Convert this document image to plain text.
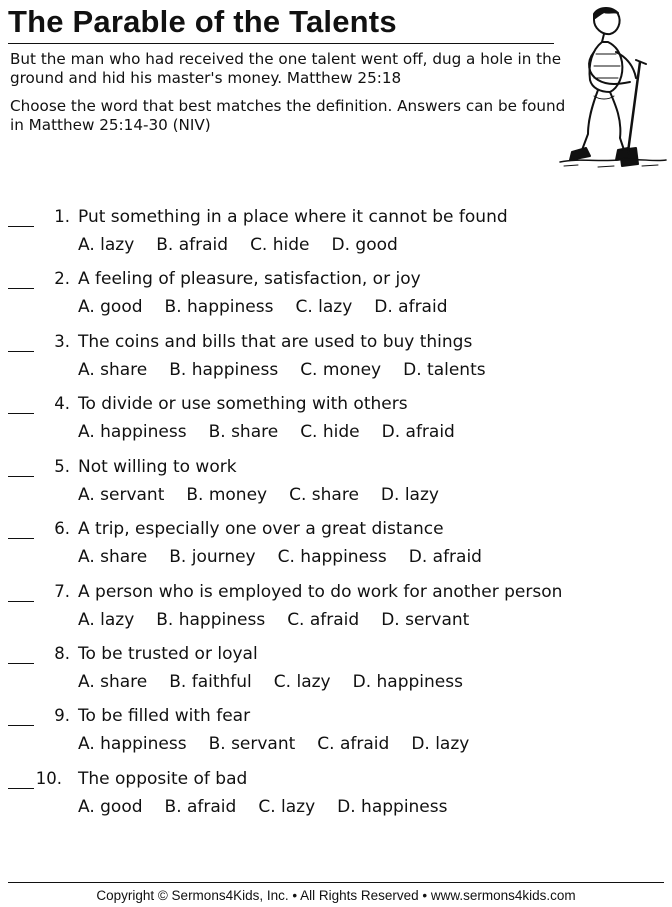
The Parable of the Talents

But the man who had received the one talent went off, dug a hole in the ground and hid his master's money. Matthew 25:18

Choose the word that best matches the definition. Answers can be found in Matthew 25:14-30 (NIV)

1. Put something in a place where it cannot be found
A. lazy B. afraid C. hide D. good
2. A feeling of pleasure, satisfaction, or joy
A. good B. happiness C. lazy D. afraid
3. The coins and bills that are used to buy things
A. share B. happiness C. money D. talents
4. To divide or use something with others
A. happiness B. share C. hide D. afraid
5. Not willing to work
A. servant B. money C. share D. lazy
6. A trip, especially one over a great distance
A. share B. journey C. happiness D. afraid
7. A person who is employed to do work for another person
A. lazy B. happiness C. afraid D. servant
8. To be trusted or loyal
A. share B. faithful C. lazy D. happiness
9. To be filled with fear
A. happiness B. servant C. afraid D. lazy
10. The opposite of bad
A. good B. afraid C. lazy D. happiness
Copyright © Sermons4Kids, Inc. • All Rights Reserved • www.sermons4kids.com
